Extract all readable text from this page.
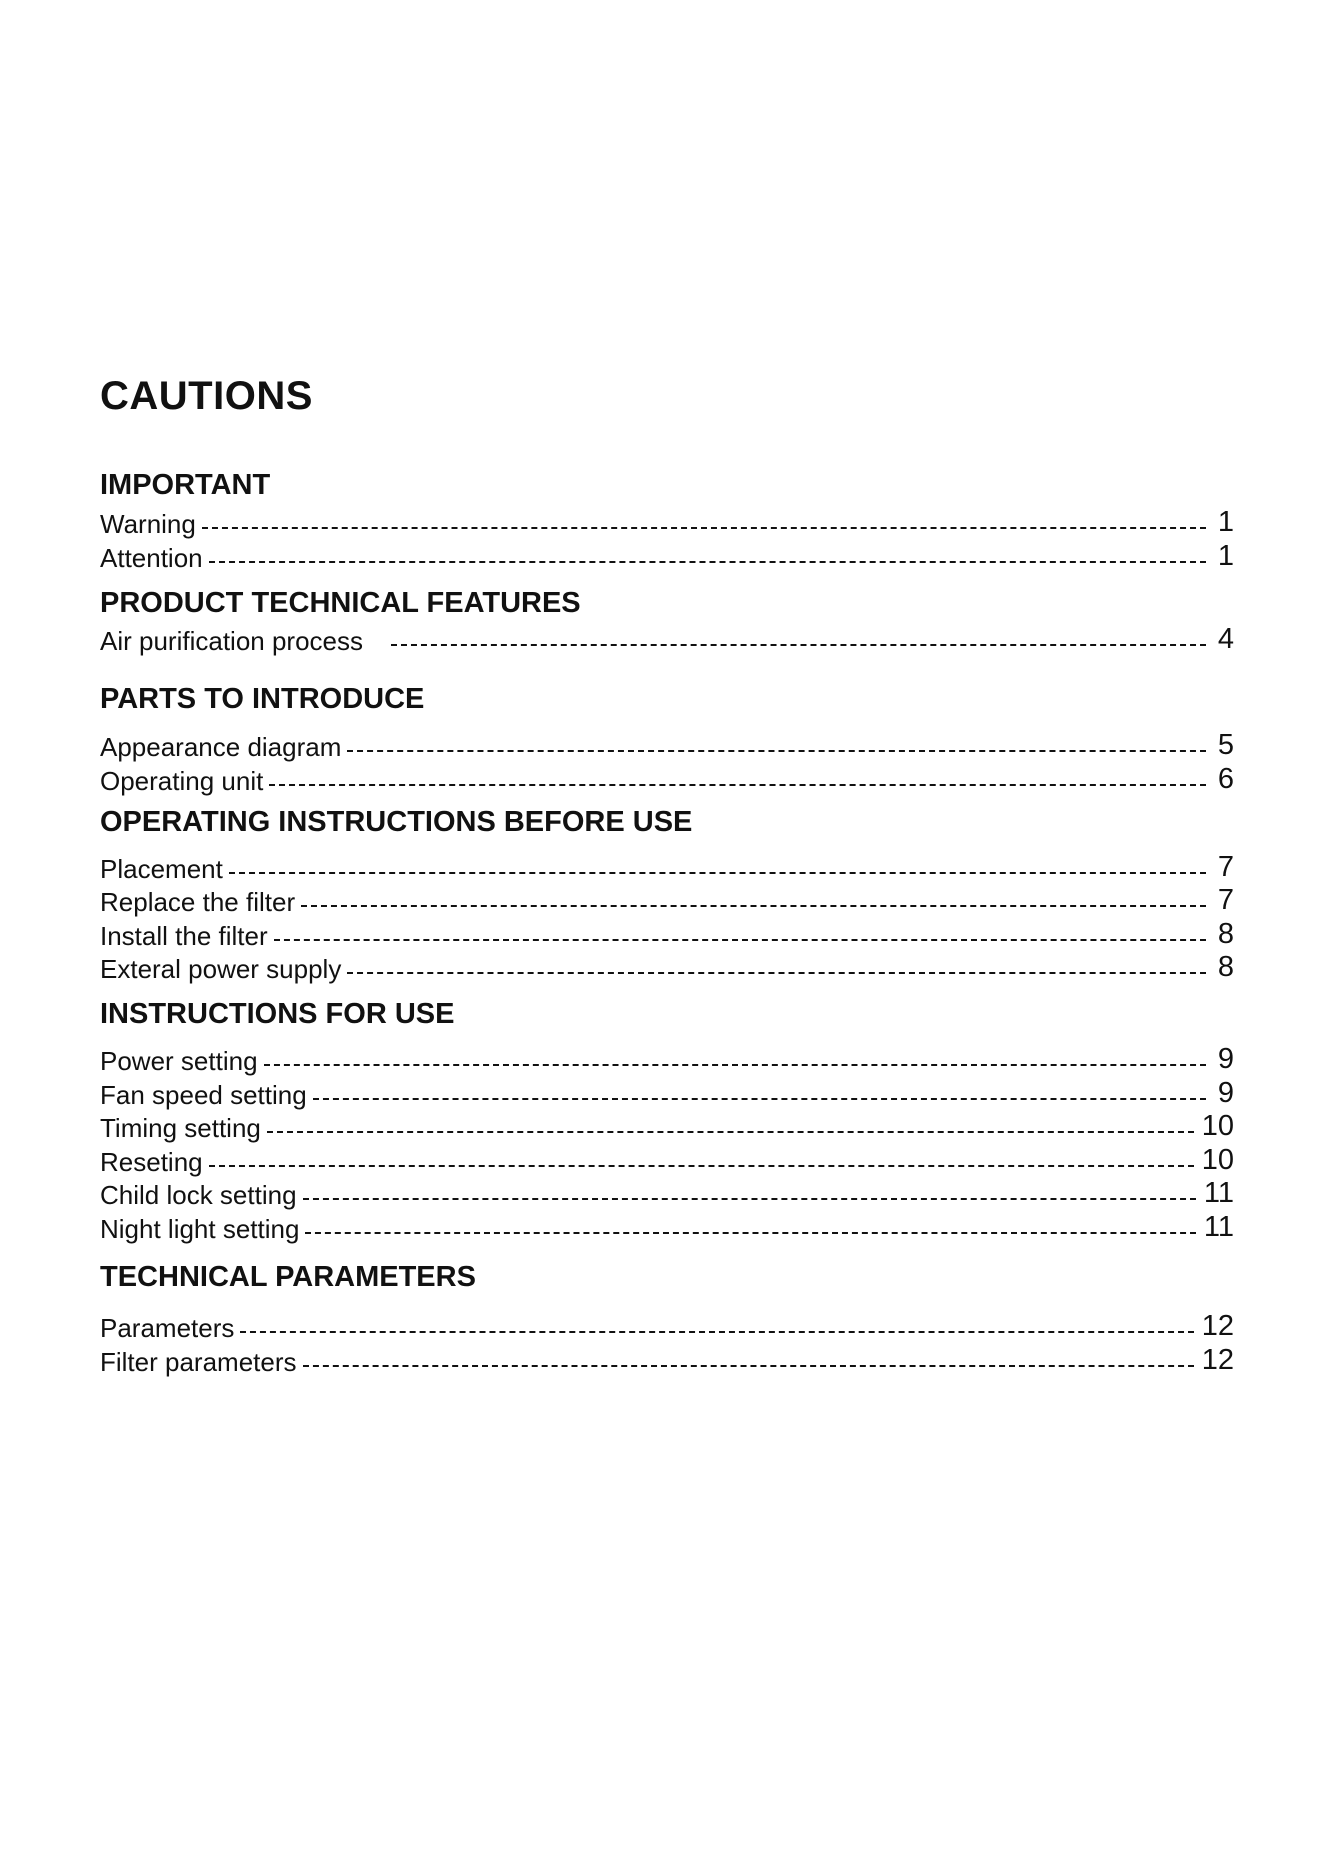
CAUTIONS
IMPORTANT
Warning	1
Attention	1
PRODUCT TECHNICAL FEATURES
Air purification process	4
PARTS TO INTRODUCE
Appearance diagram	5
Operating unit	6
OPERATING INSTRUCTIONS BEFORE USE
Placement	7
Replace the filter	7
Install the filter	8
Exteral power supply	8
INSTRUCTIONS FOR USE
Power setting	9
Fan speed setting	9
Timing setting	10
Reseting	10
Child lock setting	11
Night light setting	11
TECHNICAL PARAMETERS
Parameters	12
Filter parameters	12
